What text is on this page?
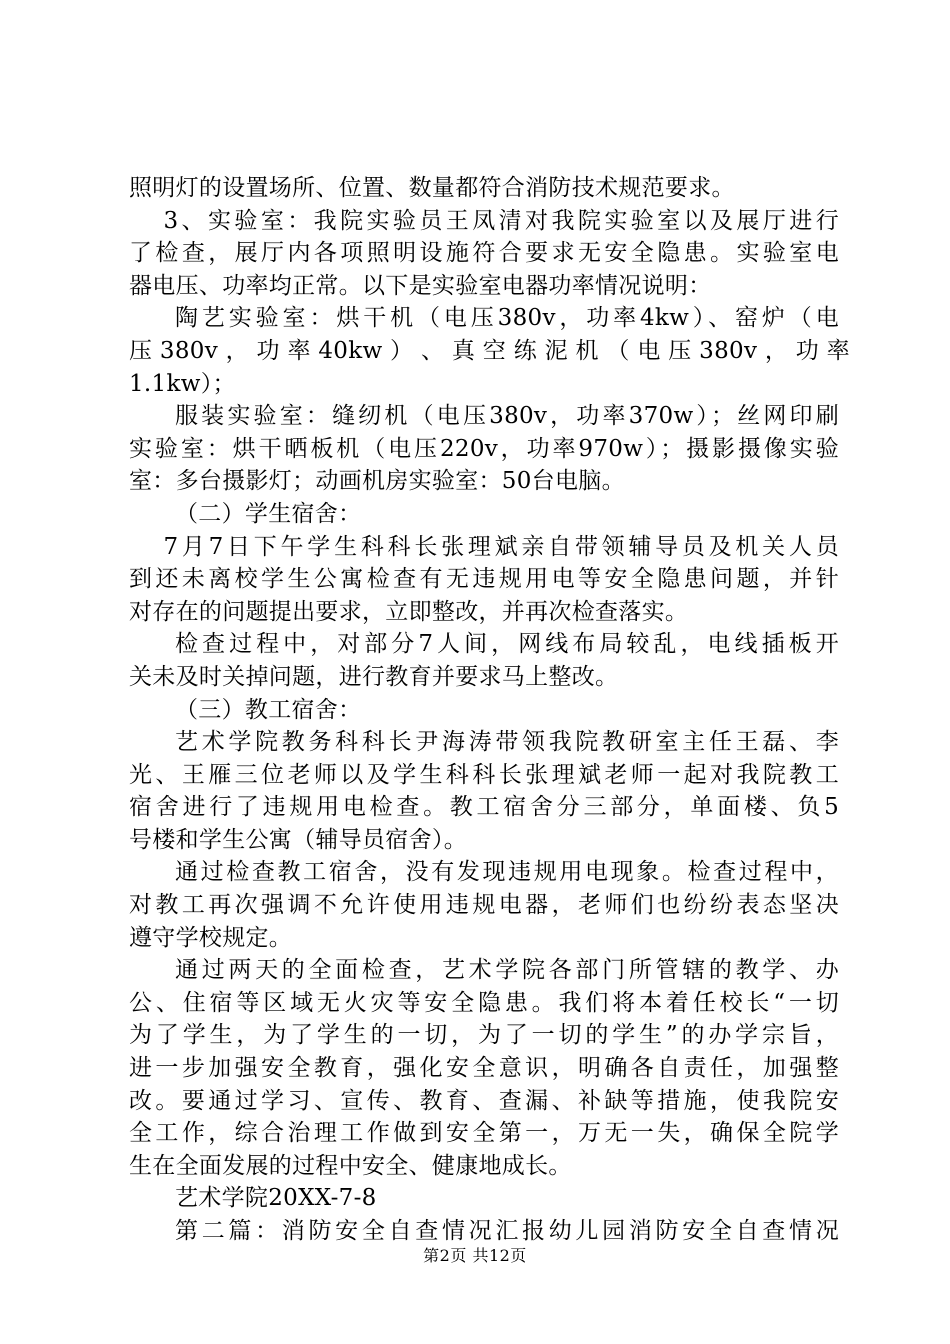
照明灯的设置场所、位置、数量都符合消防技术规范要求。
3、实验室：我院实验员王凤清对我院实验室以及展厅进行
了检查，展厅内各项照明设施符合要求无安全隐患。实验室电
器电压、功率均正常。以下是实验室电器功率情况说明：
陶艺实验室：烘干机（电压380v，功率4kw）、窑炉（电
压 380v ， 功 率 40kw ） 、 真 空 练 泥 机 （ 电 压 380v ， 功 率
1.1kw）；
服装实验室：缝纫机（电压380v，功率370w）；丝网印刷
实验室：烘干晒板机（电压220v，功率970w）；摄影摄像实验
室：多台摄影灯；动画机房实验室：50台电脑。
（二）学生宿舍：
7月7日下午学生科科长张理斌亲自带领辅导员及机关人员
到还未离校学生公寓检查有无违规用电等安全隐患问题，并针
对存在的问题提出要求，立即整改，并再次检查落实。
检查过程中，对部分7人间，网线布局较乱，电线插板开
关未及时关掉问题，进行教育并要求马上整改。
（三）教工宿舍：
艺术学院教务科科长尹海涛带领我院教研室主任王磊、李
光、王雁三位老师以及学生科科长张理斌老师一起对我院教工
宿舍进行了违规用电检查。教工宿舍分三部分，单面楼、负5
号楼和学生公寓（辅导员宿舍）。
通过检查教工宿舍，没有发现违规用电现象。检查过程中，
对教工再次强调不允许使用违规电器，老师们也纷纷表态坚决
遵守学校规定。
通过两天的全面检查，艺术学院各部门所管辖的教学、办
公、住宿等区域无火灾等安全隐患。我们将本着任校长“一切
为了学生，为了学生的一切，为了一切的学生”的办学宗旨，
进一步加强安全教育，强化安全意识，明确各自责任，加强整
改。要通过学习、宣传、教育、查漏、补缺等措施，使我院安
全工作，综合治理工作做到安全第一，万无一失，确保全院学
生在全面发展的过程中安全、健康地成长。
艺术学院20XX-7-8
第二篇：消防安全自查情况汇报幼儿园消防安全自查情况
第2页 共12页
